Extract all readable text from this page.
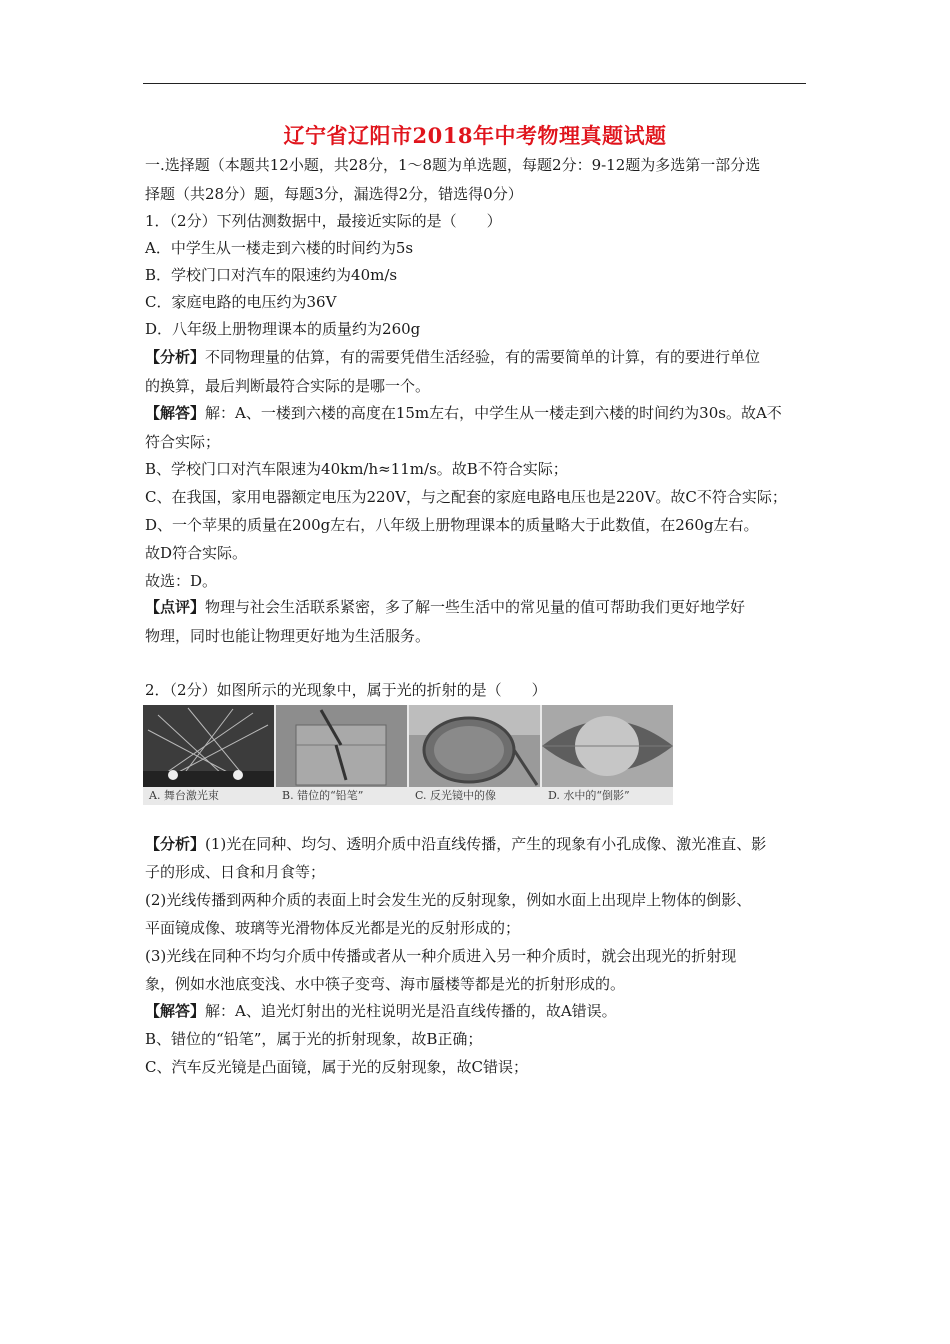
辽宁省辽阳市2018年中考物理真题试题
一.选择题（本题共12小题，共28分，1～8题为单选题，每题2分：9-12题为多选第一部分选
择题（共28分）题，每题3分，漏选得2分，错选得0分）
1．（2分）下列估测数据中，最接近实际的是（　　）
A．中学生从一楼走到六楼的时间约为5s
B．学校门口对汽车的限速约为40m/s
C．家庭电路的电压约为36V
D．八年级上册物理课本的质量约为260g
【分析】不同物理量的估算，有的需要凭借生活经验，有的需要简单的计算，有的要进行单位
的换算，最后判断最符合实际的是哪一个。
【解答】解：A、一楼到六楼的高度在15m左右，中学生从一楼走到六楼的时间约为30s。故A不
符合实际；
B、学校门口对汽车限速为40km/h≈11m/s。故B不符合实际；
C、在我国，家用电器额定电压为220V，与之配套的家庭电路电压也是220V。故C不符合实际；
D、一个苹果的质量在200g左右，八年级上册物理课本的质量略大于此数值，在260g左右。
故D符合实际。
故选：D。
【点评】物理与社会生活联系紧密，多了解一些生活中的常见量的值可帮助我们更好地学好
物理，同时也能让物理更好地为生活服务。
2．（2分）如图所示的光现象中，属于光的折射的是（　　）
A. 舞台激光束	B. 错位的“铅笔”	C. 反光镜中的像	D. 水中的“倒影”
【分析】(1)光在同种、均匀、透明介质中沿直线传播，产生的现象有小孔成像、激光准直、影
子的形成、日食和月食等；
(2)光线传播到两种介质的表面上时会发生光的反射现象，例如水面上出现岸上物体的倒影、
平面镜成像、玻璃等光滑物体反光都是光的反射形成的；
(3)光线在同种不均匀介质中传播或者从一种介质进入另一种介质时，就会出现光的折射现
象，例如水池底变浅、水中筷子变弯、海市蜃楼等都是光的折射形成的。
【解答】解：A、追光灯射出的光柱说明光是沿直线传播的，故A错误。
B、错位的“铅笔”，属于光的折射现象，故B正确；
C、汽车反光镜是凸面镜，属于光的反射现象，故C错误；
